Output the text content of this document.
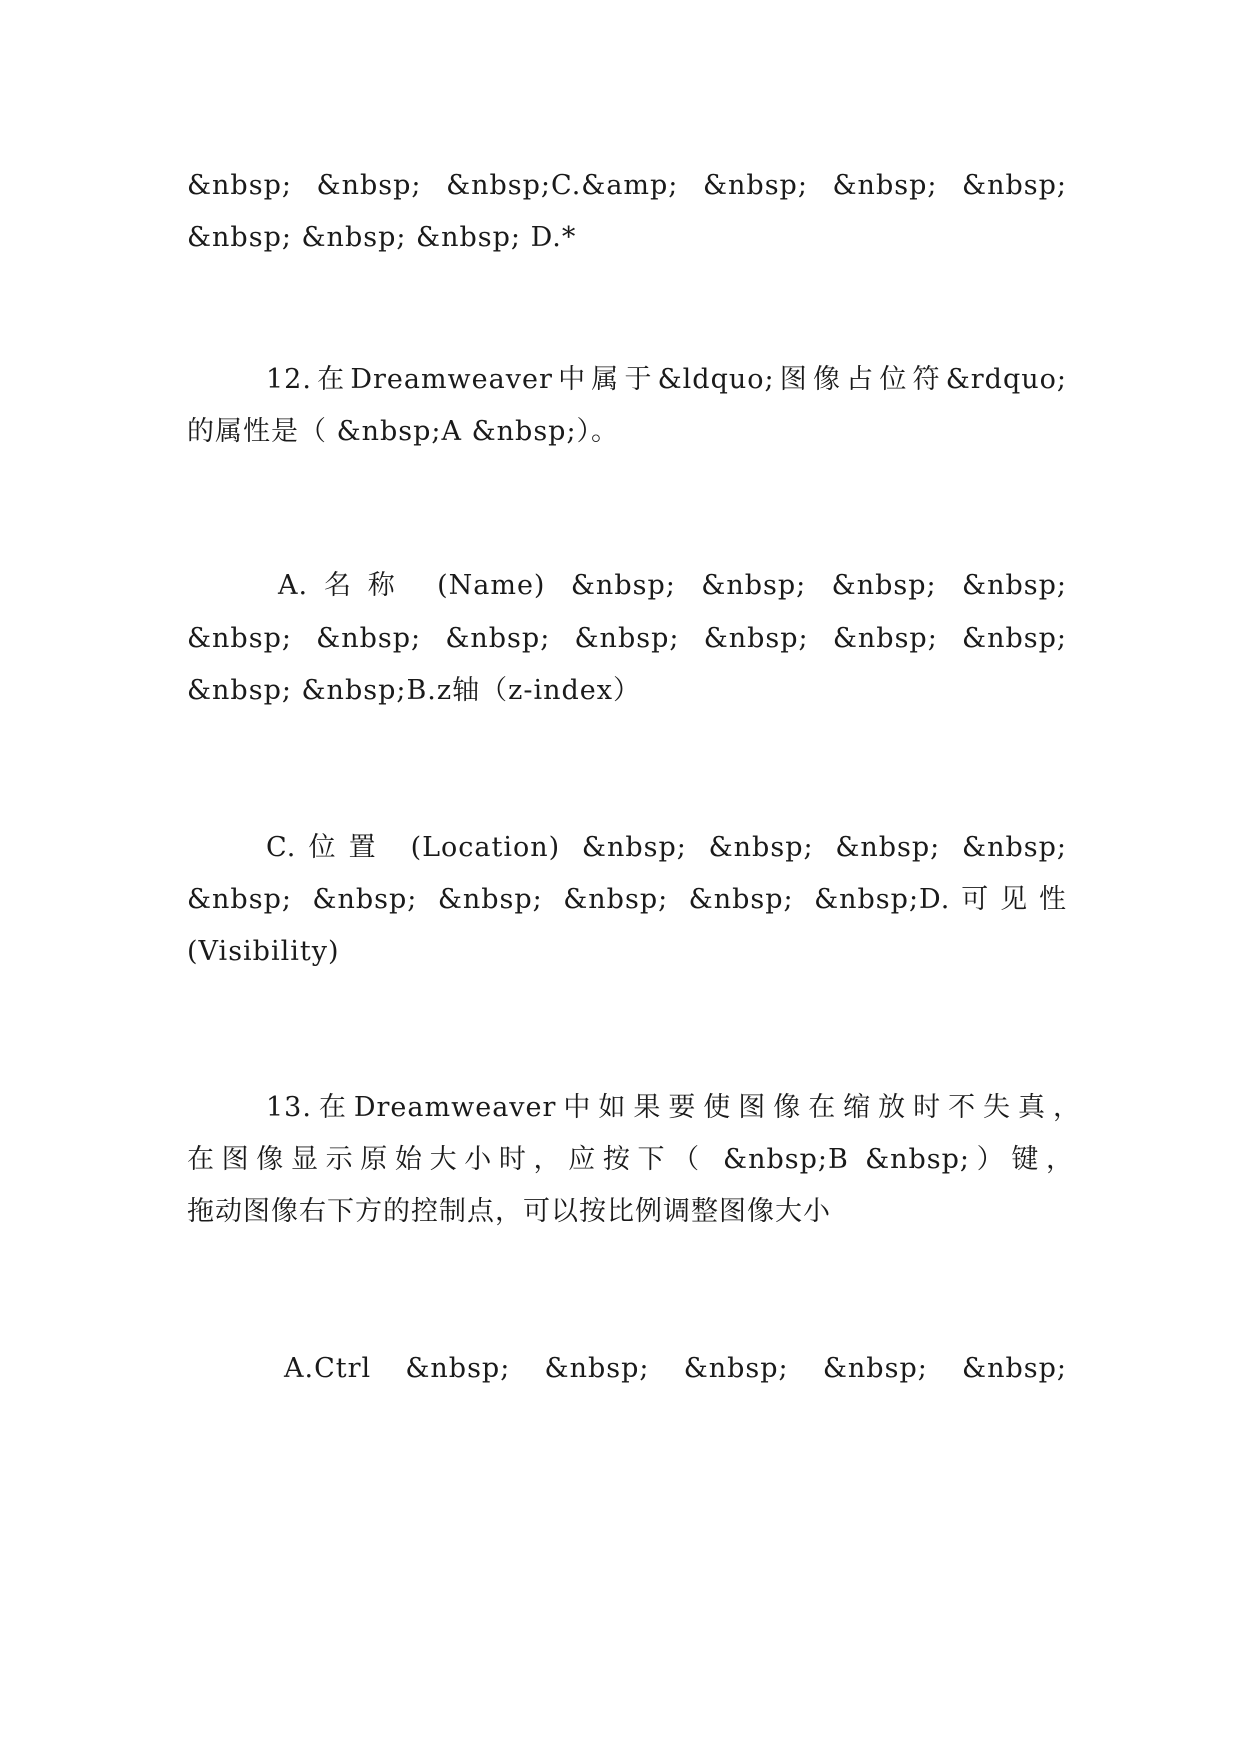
&nbsp; &nbsp; &nbsp;C.&amp; &nbsp; &nbsp; &nbsp;
&nbsp; &nbsp; &nbsp; D.*
12.在Dreamweaver中属于&ldquo;图像占位符&rdquo;
的属性是（ &nbsp;A &nbsp;）。
A.名称 (Name) &nbsp; &nbsp; &nbsp; &nbsp;
&nbsp; &nbsp; &nbsp; &nbsp; &nbsp; &nbsp; &nbsp;
&nbsp; &nbsp;B.z轴（z-index）
C.位置 (Location) &nbsp; &nbsp; &nbsp; &nbsp;
&nbsp; &nbsp; &nbsp; &nbsp; &nbsp; &nbsp;D.可见性
(Visibility)
13.在Dreamweaver中如果要使图像在缩放时不失真，
在图像显示原始大小时，应按下（ &nbsp;B &nbsp;）键，
拖动图像右下方的控制点，可以按比例调整图像大小
A.Ctrl &nbsp; &nbsp; &nbsp; &nbsp; &nbsp;
